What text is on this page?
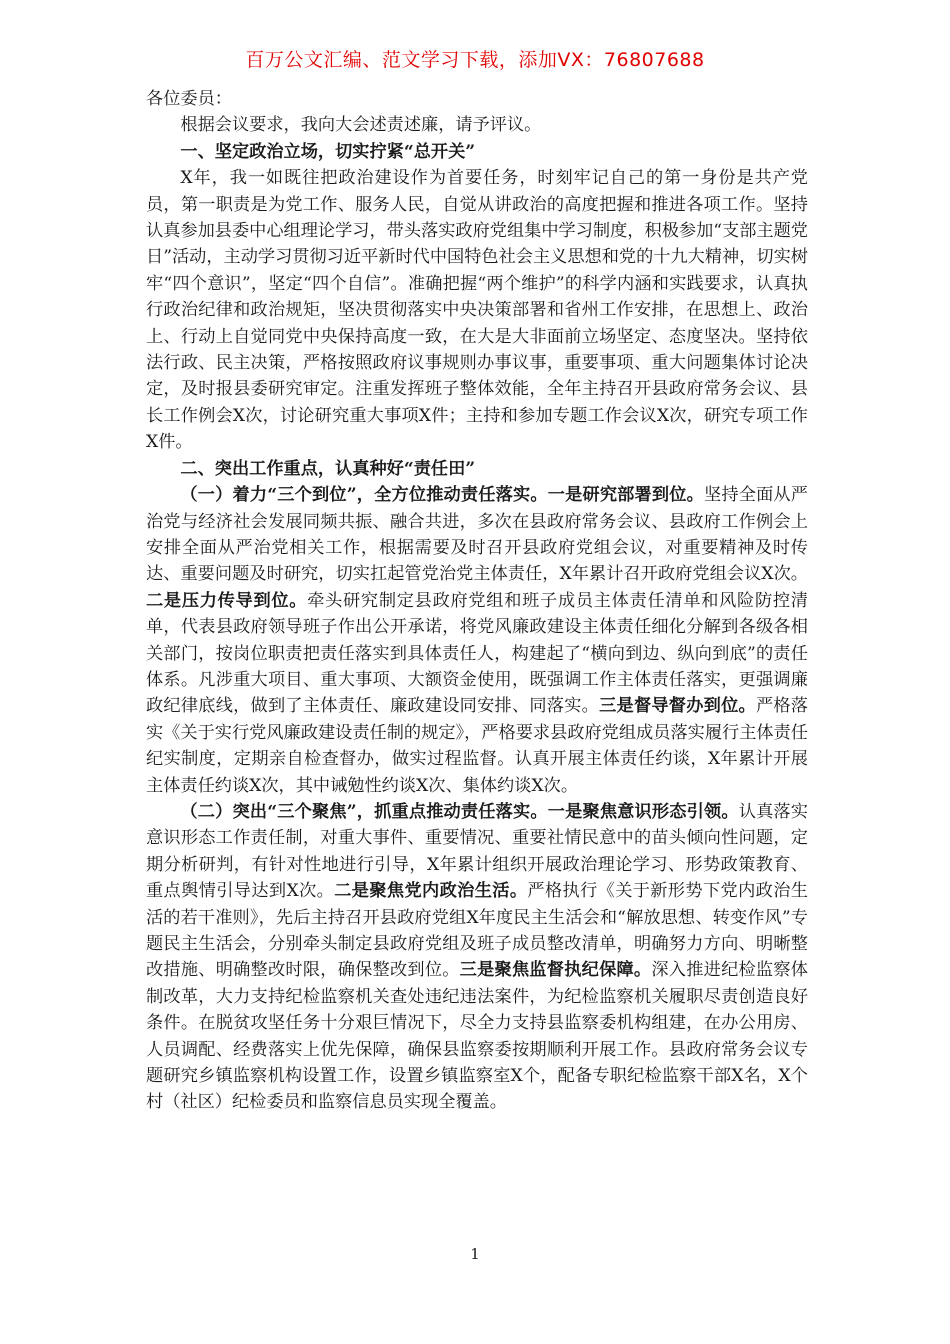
百万公文汇编、范文学习下载，添加VX：76807688

各位委员：

根据会议要求，我向大会述责述廉，请予评议。

一、坚定政治立场，切实拧紧“总开关”

X年，我一如既往把政治建设作为首要任务，时刻牢记自己的第一身份是共产党员，第一职责是为党工作、服务人民，自觉从讲政治的高度把握和推进各项工作。坚持认真参加县委中心组理论学习，带头落实政府党组集中学习制度，积极参加“支部主题党日”活动，主动学习贯彻习近平新时代中国特色社会主义思想和党的十九大精神，切实树牢“四个意识”，坚定“四个自信”。准确把握“两个维护”的科学内涵和实践要求，认真执行政治纪律和政治规矩，坚决贯彻落实中央决策部署和省州工作安排，在思想上、政治上、行动上自觉同党中央保持高度一致，在大是大非面前立场坚定、态度坚决。坚持依法行政、民主决策，严格按照政府议事规则办事议事，重要事项、重大问题集体讨论决定，及时报县委研究审定。注重发挥班子整体效能，全年主持召开县政府常务会议、县长工作例会X次，讨论研究重大事项X件；主持和参加专题工作会议X次，研究专项工作X件。

二、突出工作重点，认真种好“责任田”

（一）着力“三个到位”，全方位推动责任落实。一是研究部署到位。坚持全面从严治党与经济社会发展同频共振、融合共进，多次在县政府常务会议、县政府工作例会上安排全面从严治党相关工作，根据需要及时召开县政府党组会议，对重要精神及时传达、重要问题及时研究，切实扛起管党治党主体责任，X年累计召开政府党组会议X次。二是压力传导到位。牵头研究制定县政府党组和班子成员主体责任清单和风险防控清单，代表县政府领导班子作出公开承诺，将党风廉政建设主体责任细化分解到各级各相关部门，按岗位职责把责任落实到具体责任人，构建起了“横向到边、纵向到底”的责任体系。凡涉重大项目、重大事项、大额资金使用，既强调工作主体责任落实，更强调廉政纪律底线，做到了主体责任、廉政建设同安排、同落实。三是督导督办到位。严格落实《关于实行党风廉政建设责任制的规定》，严格要求县政府党组成员落实履行主体责任纪实制度，定期亲自检查督办，做实过程监督。认真开展主体责任约谈，X年累计开展主体责任约谈X次，其中诫勉性约谈X次、集体约谈X次。

（二）突出“三个聚焦”，抓重点推动责任落实。一是聚焦意识形态引领。认真落实意识形态工作责任制，对重大事件、重要情况、重要社情民意中的苗头倾向性问题，定期分析研判，有针对性地进行引导，X年累计组织开展政治理论学习、形势政策教育、重点舆情引导达到X次。二是聚焦党内政治生活。严格执行《关于新形势下党内政治生活的若干准则》，先后主持召开县政府党组X年度民主生活会和“解放思想、转变作风”专题民主生活会，分别牵头制定县政府党组及班子成员整改清单，明确努力方向、明晰整改措施、明确整改时限，确保整改到位。三是聚焦监督执纪保障。深入推进纪检监察体制改革，大力支持纪检监察机关查处违纪违法案件，为纪检监察机关履职尽责创造良好条件。在脱贫攻坚任务十分艰巨情况下，尽全力支持县监察委机构组建，在办公用房、人员调配、经费落实上优先保障，确保县监察委按期顺利开展工作。县政府常务会议专题研究乡镇监察机构设置工作，设置乡镇监察室X个，配备专职纪检监察干部X名，X个村（社区）纪检委员和监察信息员实现全覆盖。

1
